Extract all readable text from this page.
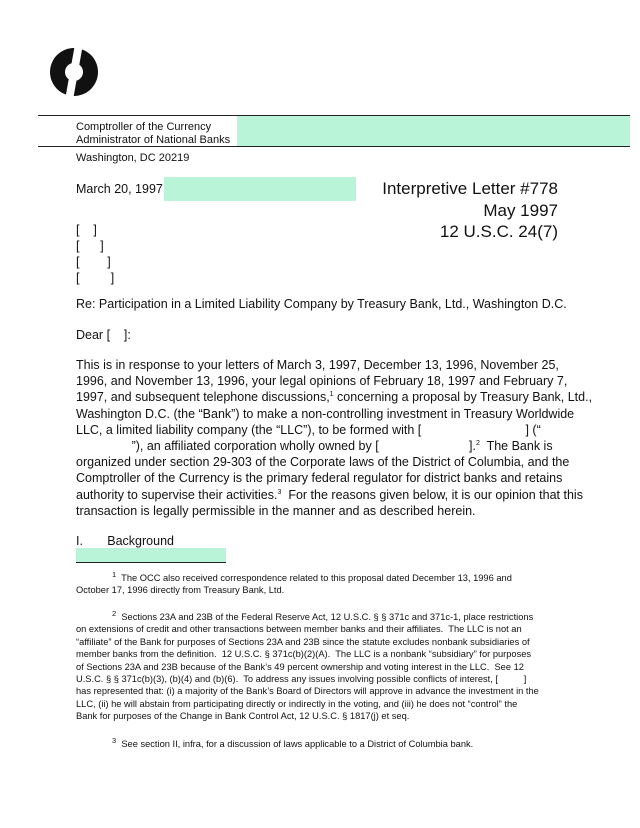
Comptroller of the Currency
Administrator of National Banks
Washington, DC 20219
March 20, 1997	Interpretive Letter #778
May 1997
12 U.S.C. 24(7)
[    ]
[      ]
[        ]
[         ]
Re: Participation in a Limited Liability Company by Treasury Bank, Ltd., Washington D.C.
Dear [    ]:
This is in response to your letters of March 3, 1997, December 13, 1996, November 25,
1996, and November 13, 1996, your legal opinions of February 18, 1997 and February 7,
1997, and subsequent telephone discussions,$^1$ concerning a proposal by Treasury Bank, Ltd.,
Washington D.C. (the “Bank”) to make a non-controlling investment in Treasury Worldwide
LLC, a limited liability company (the “LLC”), to be formed with [                              ] (“
”), an affiliated corporation wholly owned by [                          ].$^2$  The Bank is
organized under section 29-303 of the Corporate laws of the District of Columbia, and the
Comptroller of the Currency is the primary federal regulator for district banks and retains
authority to supervise their activities.$^3$  For the reasons given below, it is our opinion that this
transaction is legally permissible in the manner and as described herein.
I.       Background
$^1$  The OCC also received correspondence related to this proposal dated December 13, 1996 and
October 17, 1996 directly from Treasury Bank, Ltd.
$^2$  Sections 23A and 23B of the Federal Reserve Act, 12 U.S.C. § § 371c and 371c-1, place restrictions
on extensions of credit and other transactions between member banks and their affiliates.  The LLC is not an
“affiliate” of the Bank for purposes of Sections 23A and 23B since the statute excludes nonbank subsidiaries of
member banks from the definition.  12 U.S.C. § 371c(b)(2)(A).  The LLC is a nonbank “subsidiary” for purposes
of Sections 23A and 23B because of the Bank’s 49 percent ownership and voting interest in the LLC.  See 12
U.S.C. § § 371c(b)(3), (b)(4) and (b)(6).  To address any issues involving possible conflicts of interest, [          ]
has represented that: (i) a majority of the Bank’s Board of Directors will approve in advance the investment in the
LLC, (ii) he will abstain from participating directly or indirectly in the voting, and (iii) he does not “control” the
Bank for purposes of the Change in Bank Control Act, 12 U.S.C. § 1817(j) et seq.
$^3$  See section II, infra, for a discussion of laws applicable to a District of Columbia bank.
